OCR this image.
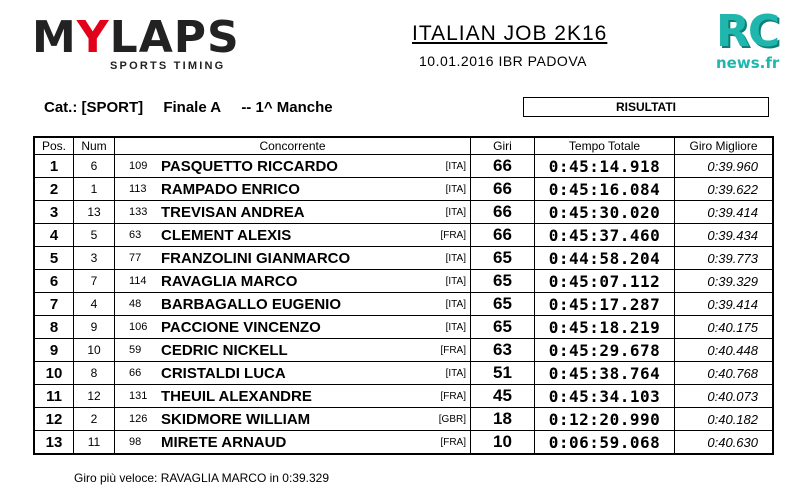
MYLAPS
SPORTS TIMING
ITALIAN JOB 2K16
10.01.2016 IBR PADOVA
RC
news.fr
Cat.: [SPORT] Finale A -- 1^ Manche	RISULTATI
Pos.	Num	Concorrente			Giri	Tempo Totale	Giro Migliore
1	6	109	PASQUETTO RICCARDO	[ITA]	66	0:45:14.918	0:39.960
2	1	113	RAMPADO ENRICO	[ITA]	66	0:45:16.084	0:39.622
3	13	133	TREVISAN ANDREA	[ITA]	66	0:45:30.020	0:39.414
4	5	63	CLEMENT ALEXIS	[FRA]	66	0:45:37.460	0:39.434
5	3	77	FRANZOLINI GIANMARCO	[ITA]	65	0:44:58.204	0:39.773
6	7	114	RAVAGLIA MARCO	[ITA]	65	0:45:07.112	0:39.329
7	4	48	BARBAGALLO EUGENIO	[ITA]	65	0:45:17.287	0:39.414
8	9	106	PACCIONE VINCENZO	[ITA]	65	0:45:18.219	0:40.175
9	10	59	CEDRIC NICKELL	[FRA]	63	0:45:29.678	0:40.448
10	8	66	CRISTALDI LUCA	[ITA]	51	0:45:38.764	0:40.768
11	12	131	THEUIL ALEXANDRE	[FRA]	45	0:45:34.103	0:40.073
12	2	126	SKIDMORE WILLIAM	[GBR]	18	0:12:20.990	0:40.182
13	11	98	MIRETE ARNAUD	[FRA]	10	0:06:59.068	0:40.630
Giro più veloce: RAVAGLIA MARCO in 0:39.329
